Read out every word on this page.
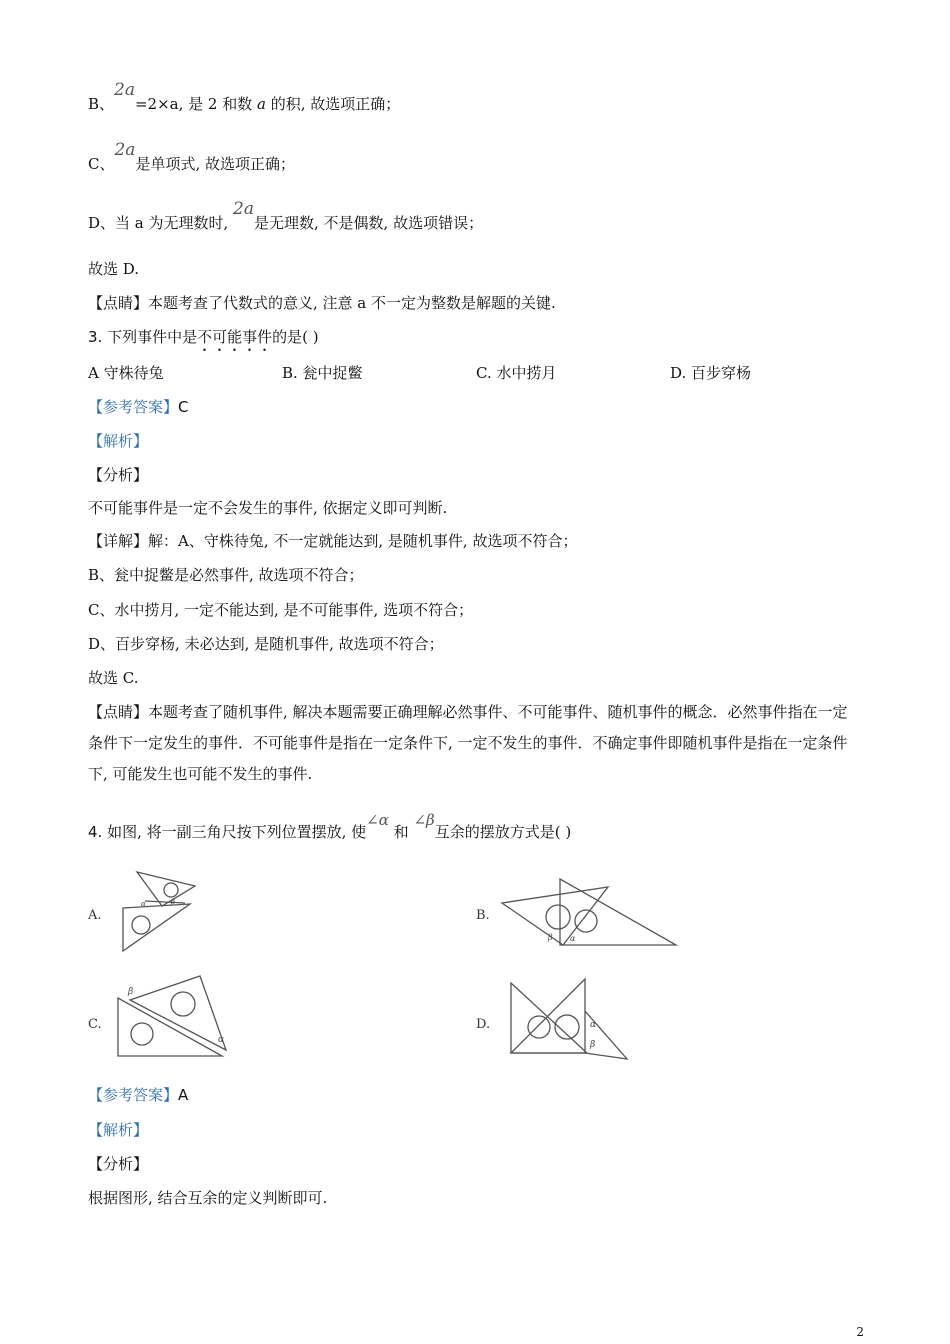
B、2a=2×a, 是 2 和数 a 的积, 故选项正确；
C、2a是单项式, 故选项正确；
D、当 a 为无理数时, 2a是无理数, 不是偶数, 故选项错误；
故选 D.
【点睛】本题考查了代数式的意义, 注意 a 不一定为整数是解题的关键.
3. 下列事件中是不可能事件的是( )
A 守株待兔	B. 瓮中捉鳖	C. 水中捞月	D. 百步穿杨
【参考答案】C
【解析】
【分析】
不可能事件是一定不会发生的事件, 依据定义即可判断.
【详解】解：A、守株待兔, 不一定就能达到, 是随机事件, 故选项不符合；
B、瓮中捉鳖是必然事件, 故选项不符合；
C、水中捞月, 一定不能达到, 是不可能事件, 选项不符合；
D、百步穿杨, 未必达到, 是随机事件, 故选项不符合；
故选 C.
【点睛】本题考查了随机事件, 解决本题需要正确理解必然事件、不可能事件、随机事件的概念．必然事件指在一定条件下一定发生的事件．不可能事件是指在一定条件下, 一定不发生的事件．不确定事件即随机事件是指在一定条件下, 可能发生也可能不发生的事件.
4. 如图, 将一副三角尺按下列位置摆放, 使∠α 和 ∠β互余的摆放方式是( )
A.	B.
C.	D.
α	β
β α
β
α
α
β
【参考答案】A
【解析】
【分析】
根据图形, 结合互余的定义判断即可.
2
